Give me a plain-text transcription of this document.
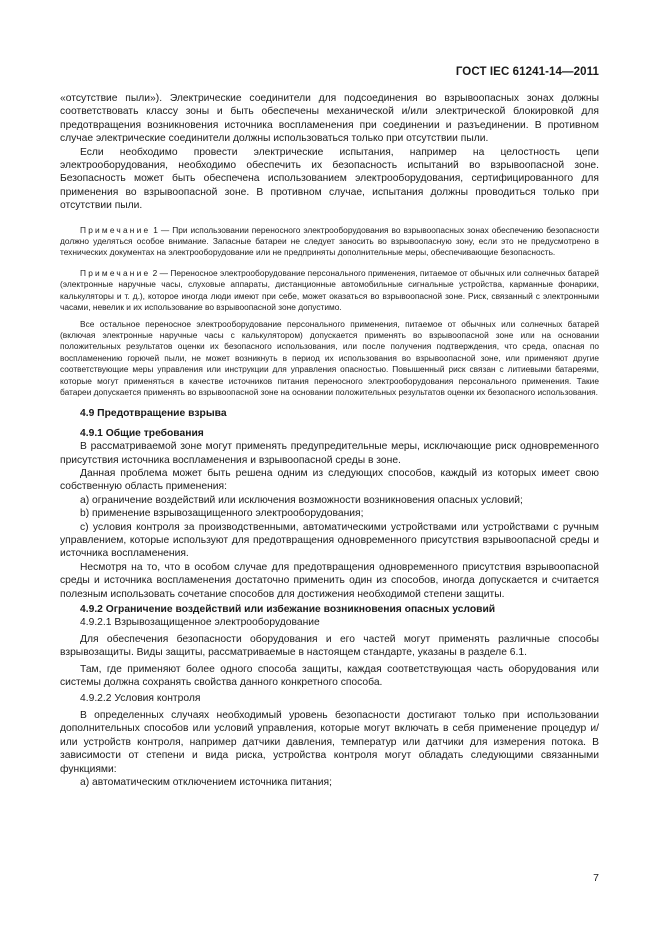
ГОСТ IEC 61241-14—2011

«отсутствие пыли»). Электрические соединители для подсоединения во взрывоопасных зонах должны соответствовать классу зоны и быть обеспечены механической и/или электрической блокировкой для предотвращения возникновения источника воспламенения при соединении и разъединении. В противном случае электрические соединители должны использоваться только при отсутствии пыли.

Если необходимо провести электрические испытания, например на целостность цепи электрооборудования, необходимо обеспечить их безопасность испытаний во взрывоопасной зоне. Безопасность может быть обеспечена использованием электрооборудования, сертифицированного для применения во взрывоопасной зоне. В противном случае, испытания должны проводиться только при отсутствии пыли.

Примечание 1 — При использовании переносного электрооборудования во взрывоопасных зонах обеспечению безопасности должно уделяться особое внимание. Запасные батареи не следует заносить во взрывоопасную зону, если это не предусмотрено в технических документах на электрооборудование или не предприняты дополнительные меры, обеспечивающие безопасность.

Примечание 2 — Переносное электрооборудование персонального применения, питаемое от обычных или солнечных батарей (электронные наручные часы, слуховые аппараты, дистанционные автомобильные сигнальные устройства, карманные фонарики, калькуляторы и т. д.), которое иногда люди имеют при себе, может оказаться во взрывоопасной зоне. Риск, связанный с электронными часами, невелик и их использование во взрывоопасной зоне допустимо.

Все остальное переносное электрооборудование персонального применения, питаемое от обычных или солнечных батарей (включая электронные наручные часы с калькулятором) допускается применять во взрывоопасной зоне или на основании положительных результатов оценки их безопасного использования, или после получения подтверждения, что среда, опасная по воспламенению горючей пыли, не может возникнуть в период их использования во взрывоопасной зоне, или применяют другие соответствующие меры управления или инструкции для управления опасностью. Повышенный риск связан с литиевыми батареями, которые могут применяться в качестве источников питания переносного электрооборудования персонального применения. Такие батареи допускается применять во взрывоопасной зоне на основании положительных результатов оценки их безопасного использования.

4.9 Предотвращение взрыва

4.9.1 Общие требования

В рассматриваемой зоне могут применять предупредительные меры, исключающие риск одновременного присутствия источника воспламенения и взрывоопасной среды в зоне.

Данная проблема может быть решена одним из следующих способов, каждый из которых имеет свою собственную область применения:

а) ограничение воздействий или исключения возможности возникновения опасных условий;

b) применение взрывозащищенного электрооборудования;

с) условия контроля за производственными, автоматическими устройствами или устройствами с ручным управлением, которые используют для предотвращения одновременного присутствия взрывоопасной среды и источника воспламенения.

Несмотря на то, что в особом случае для предотвращения одновременного присутствия взрывоопасной среды и источника воспламенения достаточно применить один из способов, иногда допускается и считается полезным использовать сочетание способов для достижения необходимой степени защиты.

4.9.2 Ограничение воздействий или избежание возникновения опасных условий

4.9.2.1 Взрывозащищенное электрооборудование

Для обеспечения безопасности оборудования и его частей могут применять различные способы взрывозащиты. Виды защиты, рассматриваемые в настоящем стандарте, указаны в разделе 6.1.

Там, где применяют более одного способа защиты, каждая соответствующая часть оборудования или системы должна сохранять свойства данного конкретного способа.

4.9.2.2 Условия контроля

В определенных случаях необходимый уровень безопасности достигают только при использовании дополнительных способов или условий управления, которые могут включать в себя применение процедур и/или устройств контроля, например датчики давления, температур или датчики для измерения потока. В зависимости от степени и вида риска, устройства контроля могут обладать следующими связанными функциями:

а) автоматическим отключением источника питания;

7
